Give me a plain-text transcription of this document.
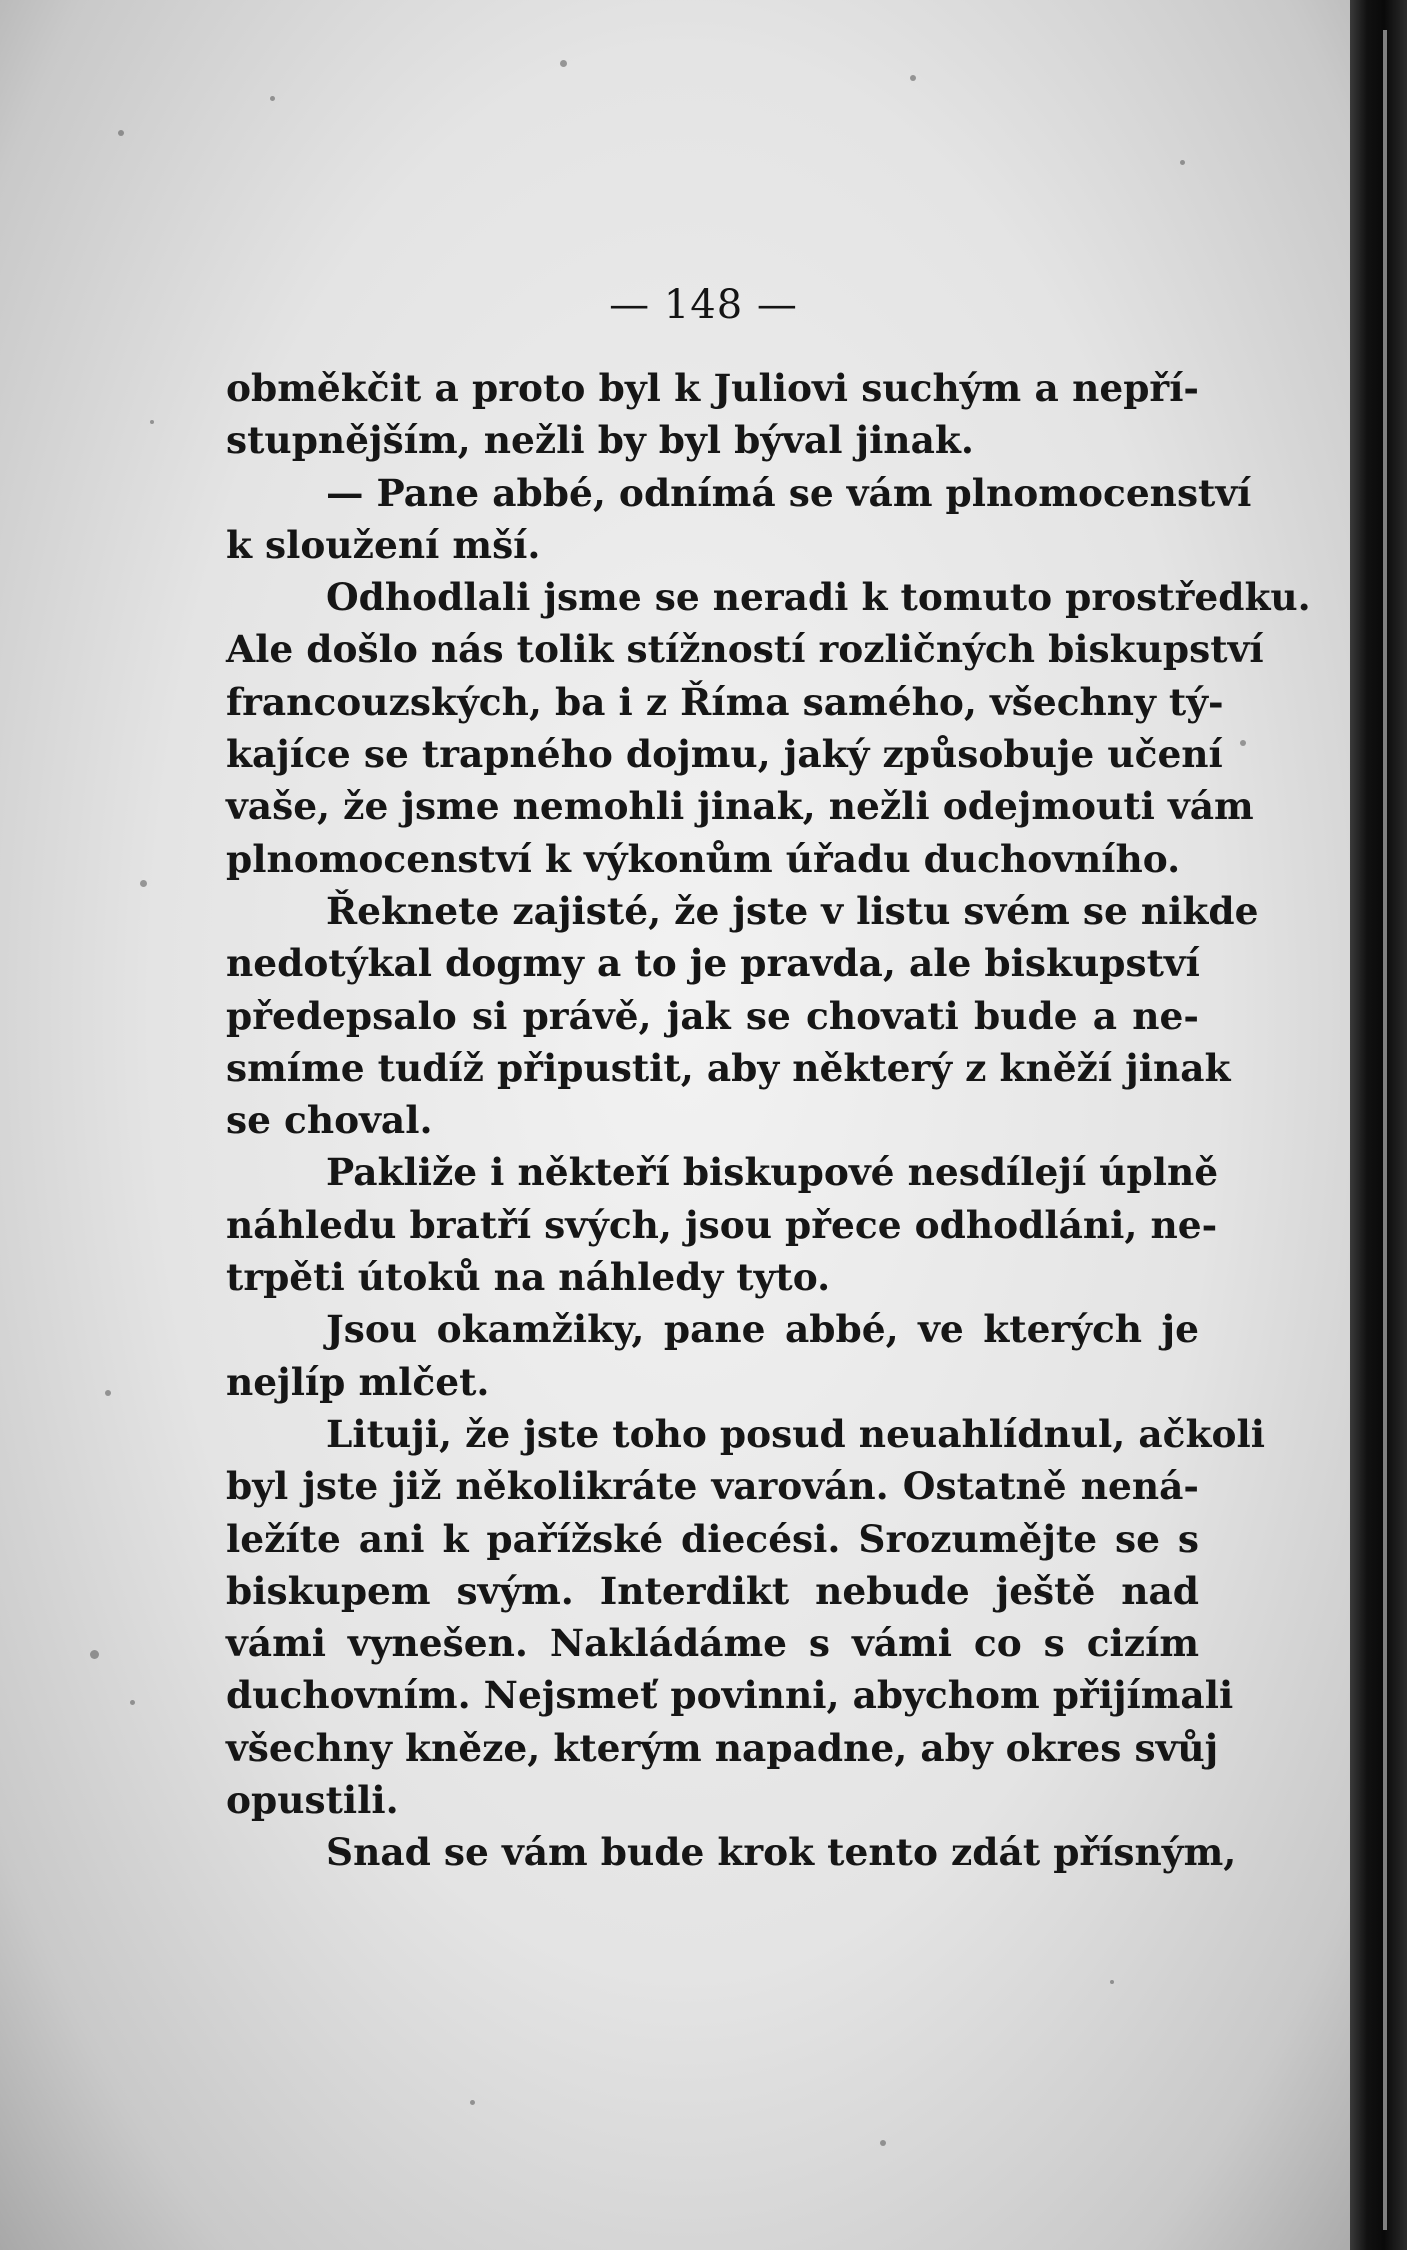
— 148 —
obměkčit a proto byl k Juliovi suchým a nepří-
stupnějším, nežli by byl býval jinak.
— Pane abbé, odnímá se vám plnomocenství
k sloužení mší.
Odhodlali jsme se neradi k tomuto prostředku.
Ale došlo nás tolik stížností rozličných biskupství
francouzských, ba i z Říma samého, všechny tý-
kajíce se trapného dojmu, jaký způsobuje učení
vaše, že jsme nemohli jinak, nežli odejmouti vám
plnomocenství k výkonům úřadu duchovního.
Řeknete zajisté, že jste v listu svém se nikde
nedotýkal dogmy a to je pravda, ale biskupství
předepsalo si právě, jak se chovati bude a ne-
smíme tudíž připustit, aby některý z kněží jinak
se choval.
Pakliže i někteří biskupové nesdílejí úplně
náhledu bratří svých, jsou přece odhodláni, ne-
trpěti útoků na náhledy tyto.
Jsou okamžiky, pane abbé, ve kterých je
nejlíp mlčet.
Lituji, že jste toho posud neuahlídnul, ačkoli
byl jste již několikráte varován. Ostatně nená-
ležíte ani k pařížské diecési. Srozumějte se s
biskupem svým. Interdikt nebude ještě nad
vámi vynešen. Nakládáme s vámi co s cizím
duchovním. Nejsmeť povinni, abychom přijímali
všechny kněze, kterým napadne, aby okres svůj
opustili.
Snad se vám bude krok tento zdát přísným,
